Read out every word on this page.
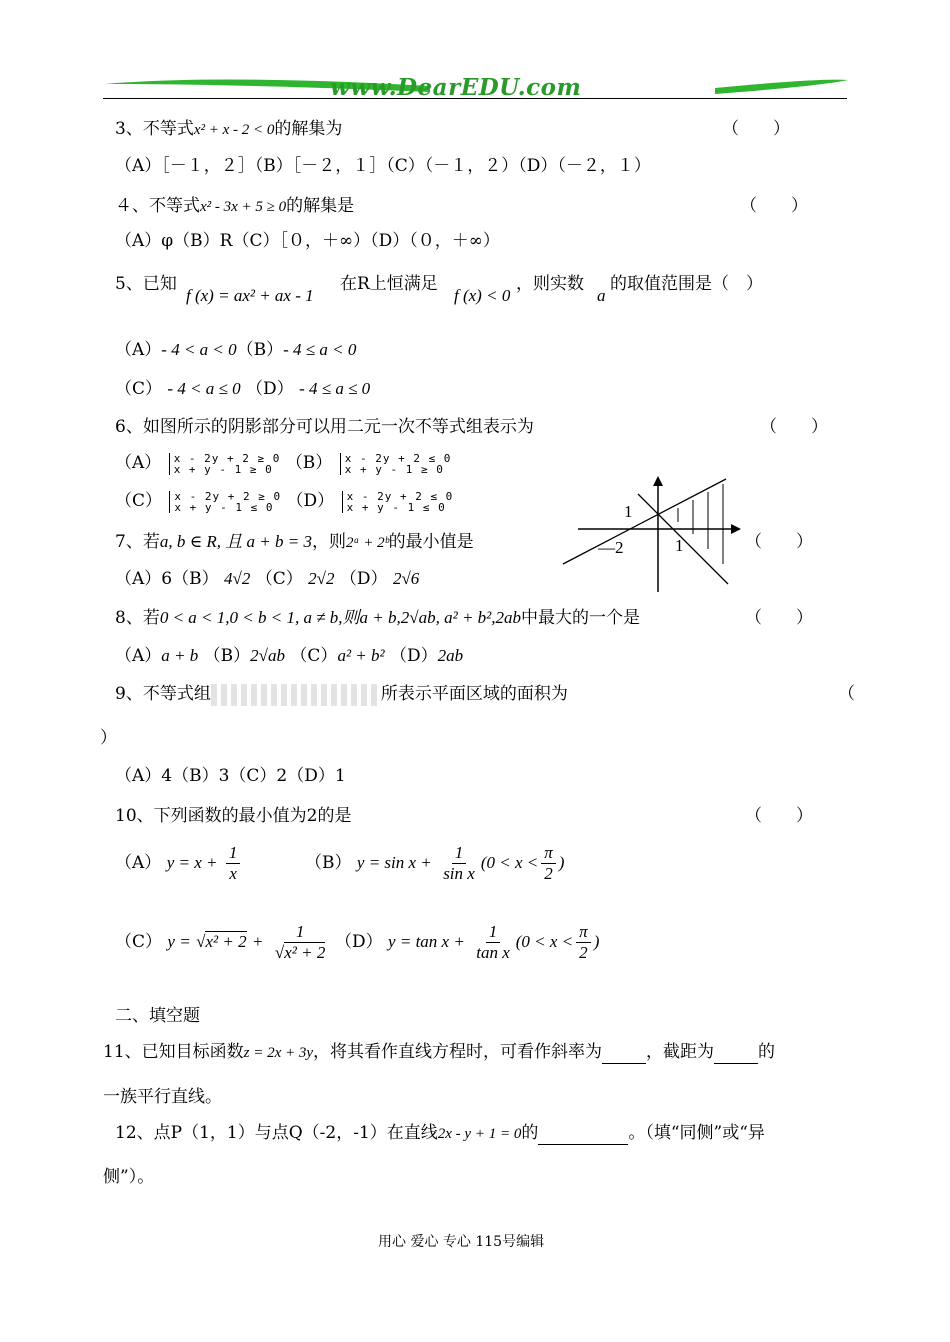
www.DearEDU.com
3、不等式x² + x - 2 < 0的解集为	（　　）
（A）［－１，２］（B）［－２，１］（C）（－１，２）（D）（－２，１）
４、不等式x² - 3x + 5 ≥ 0的解集是	（　　）
（A）φ（B）R（C）［０，＋∞）（D）（０，＋∞）
5、已知
f (x) = ax² + ax - 1
在R上恒满足
f (x) < 0
，则实数
a
的取值范围是（　）
（A）- 4 < a < 0（B）- 4 ≤ a < 0
（C） - 4 < a ≤ 0 （D） - 4 ≤ a ≤ 0
6、如图所示的阴影部分可以用二元一次不等式组表示为	（　　）
（A） x - 2y + 2 ≥ 0
x + y - 1 ≥ 0 （B） x - 2y + 2 ≤ 0
x + y - 1 ≥ 0
（C） x - 2y + 2 ≥ 0
x + y - 1 ≤ 0 （D） x - 2y + 2 ≤ 0
x + y - 1 ≤ 0	1
—2	1
7、若a, b ∈ R, 且 a + b = 3，则2ᵃ + 2ᵇ的最小值是	（　　）
（A）6（B） 4√2 （C） 2√2 （D） 2√6
8、若0 < a < 1,0 < b < 1, a ≠ b,则a + b,2√ab, a² + b²,2ab中最大的一个是	（　　）
（A）a + b （B）2√ab （C）a² + b² （D）2ab
9、不等式组	所表示平面区域的面积为	（
）
（A）4（B）3（C）2（D）1
10、下列函数的最小值为2的是	（　　）
（A） $y = x + \frac{1}{x}$	（B） $y = \sin x + \frac{1}{\text{sin x}} (0 < x < \frac{\pi}{2}$ )
（C） $y = √x^2 + 2 + \frac{1}{\text{√x² + 2}} (D) y = \tan x + \frac{1}{\text{tan x}} (0 < x < \frac{\pi}{2}$ )
二、填空题
11、已知目标函数z = 2x + 3y，将其看作直线方程时，可看作斜率为	，截距为	的
一族平行直线。
12、点P（1，1）与点Q（-2，-1）在直线2x - y + 1 = 0的	。（填“同侧”或“异
侧”）。
用心 爱心 专心 115号编辑
